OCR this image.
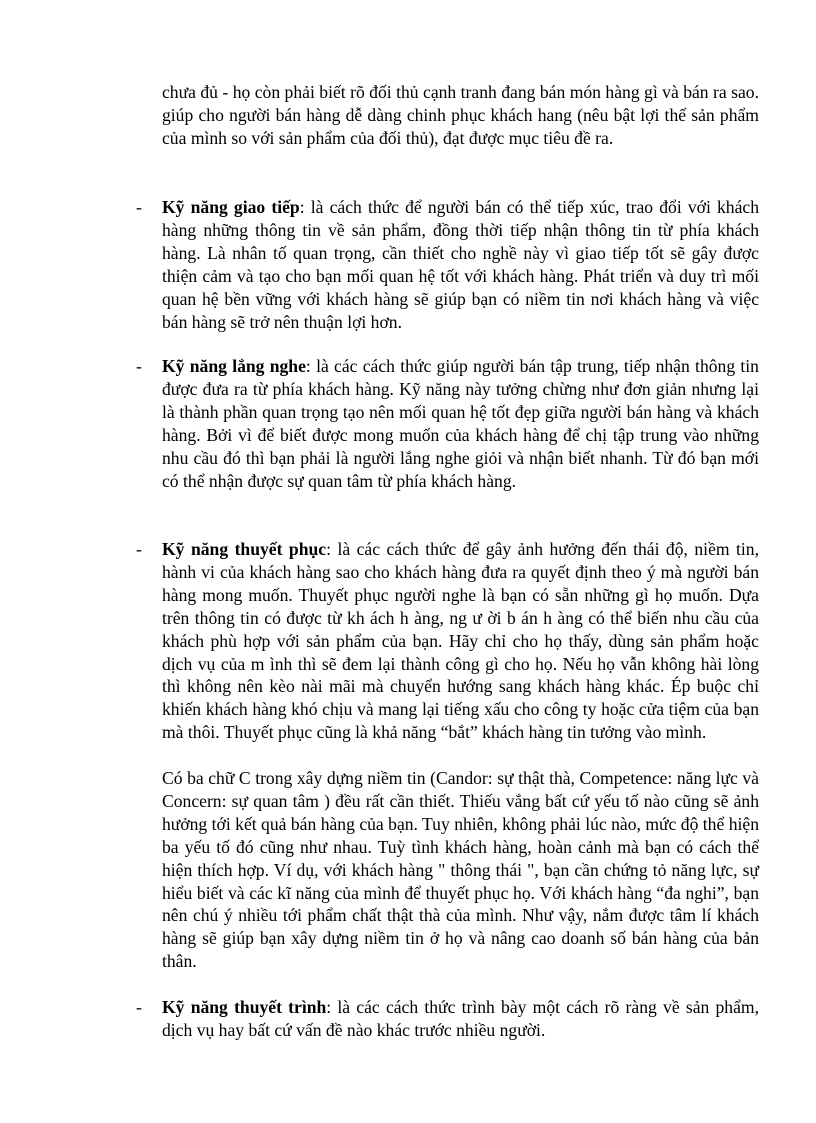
chưa đủ - họ còn phải biết rõ đối thủ cạnh tranh đang bán món hàng gì và bán ra sao. giúp cho người bán hàng dễ dàng chinh phục khách hang (nêu bật lợi thế sản phẩm của mình so với sản phẩm của đối thủ), đạt được mục tiêu đề ra.

- Kỹ năng giao tiếp: là cách thức để người bán có thể tiếp xúc, trao đổi với khách hàng những thông tin về sản phẩm, đồng thời tiếp nhận thông tin từ phía khách hàng. Là nhân tố quan trọng, cần thiết cho nghề này vì giao tiếp tốt sẽ gây được thiện cảm và tạo cho bạn mối quan hệ tốt với khách hàng. Phát triển và duy trì mối quan hệ bền vững với khách hàng sẽ giúp bạn có niềm tin nơi khách hàng và việc bán hàng sẽ trở nên thuận lợi hơn.

- Kỹ năng lắng nghe: là các cách thức giúp người bán tập trung, tiếp nhận thông tin được đưa ra từ phía khách hàng. Kỹ năng này tưởng chừng như đơn giản nhưng lại là thành phần quan trọng tạo nên mối quan hệ tốt đẹp giữa người bán hàng và khách hàng. Bởi vì để biết được mong muốn của khách hàng để chị tập trung vào những nhu cầu đó thì bạn phải là người lắng nghe giỏi và nhận biết nhanh. Từ đó bạn mới có thể nhận được sự quan tâm từ phía khách hàng.

- Kỹ năng thuyết phục: là các cách thức để gây ảnh hưởng đến thái độ, niềm tin, hành vi của khách hàng sao cho khách hàng đưa ra quyết định theo ý mà người bán hàng mong muốn. Thuyết phục người nghe là bạn có sẵn những gì họ muốn. Dựa trên thông tin có được từ kh ách h àng, ng ư ời b án h àng có thể biến nhu cầu của khách phù hợp với sản phẩm của bạn. Hãy chỉ cho họ thấy, dùng sản phẩm hoặc dịch vụ của m ình thì sẽ đem lại thành công gì cho họ. Nếu họ vẫn không hài lòng thì không nên kèo nài mãi mà chuyển hướng sang khách hàng khác. Ép buộc chỉ khiến khách hàng khó chịu và mang lại tiếng xấu cho công ty hoặc cửa tiệm của bạn mà thôi. Thuyết phục cũng là khả năng “bắt” khách hàng tin tưởng vào mình.

Có ba chữ C trong xây dựng niềm tin (Candor: sự thật thà, Competence: năng lực và Concern: sự quan tâm ) đều rất cần thiết. Thiếu vắng bất cứ yếu tố nào cũng sẽ ảnh hưởng tới kết quả bán hàng của bạn. Tuy nhiên, không phải lúc nào, mức độ thể hiện ba yếu tố đó cũng như nhau. Tuỳ tình khách hàng, hoàn cảnh mà bạn có cách thể hiện thích hợp. Ví dụ, với khách hàng " thông thái ", bạn cần chứng tỏ năng lực, sự hiểu biết và các kĩ năng của mình để thuyết phục họ. Với khách hàng “đa nghi”, bạn nên chú ý nhiều tới phẩm chất thật thà của mình. Như vậy, nắm được tâm lí khách hàng sẽ giúp bạn xây dựng niềm tin ở họ và nâng cao doanh số bán hàng của bản thân.

- Kỹ năng thuyết trình: là các cách thức trình bày một cách rõ ràng về sản phẩm, dịch vụ hay bất cứ vấn đề nào khác trước nhiều người.
